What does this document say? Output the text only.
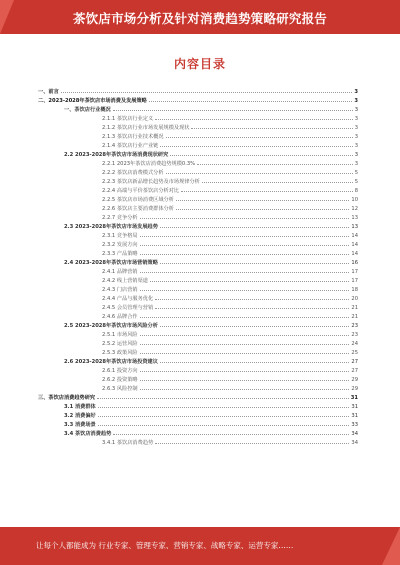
茶饮店市场分析及针对消费趋势策略研究报告
内容目录
一、前言	3
二、2023-2028年茶饮店市场消费及发展策略	3
一、茶饮店行业概况	3
2.1.1 茶饮店行业定义	3
2.1.2 茶饮店行业市场发展规模及现状	3
2.1.3 茶饮店行业技术概况	3
2.1.4 茶饮店行业产业链	3
2.2 2023-2028年茶饮店市场消费现状研究	3
2.2.1 2023年茶饮店消费趋势规模0.3%	3
2.2.2 茶饮店消费模式分析	5
2.2.3 茶饮店新品增长趋势及市场规律分析	5
2.2.4 高端与平价茶饮店分析对比	8
2.2.5 茶饮店市场消费区域分析	10
2.2.6 茶饮店主要消费群体分析	12
2.2.7 竞争分析	13
2.3 2023-2028年茶饮店市场发展趋势	13
2.3.1 竞争格局	14
2.3.2 发展方向	14
2.3.3 产品策略	14
2.4 2023-2028年茶饮店市场营销策略	16
2.4.1 品牌营销	17
2.4.2 线上营销渠道	17
2.4.3 门店营销	18
2.4.4 产品与服务优化	20
2.4.5 会员管理与营销	21
2.4.6 品牌合作	21
2.5 2023-2028年茶饮店市场风险分析	23
2.5.1 市场风险	23
2.5.2 运营风险	24
2.5.3 政策风险	25
2.6 2023-2028年茶饮店市场投资建议	27
2.6.1 投资方向	27
2.6.2 投资策略	29
2.6.3 风险控制	29
三、茶饮店消费趋势研究	31
3.1 消费群体	31
3.2 消费偏好	31
3.3 消费场景	33
3.4 茶饮店消费趋势	34
3.4.1 茶饮店消费趋势	34
让每个人都能成为 行业专家、管理专家、营销专家、战略专家、运营专家……
